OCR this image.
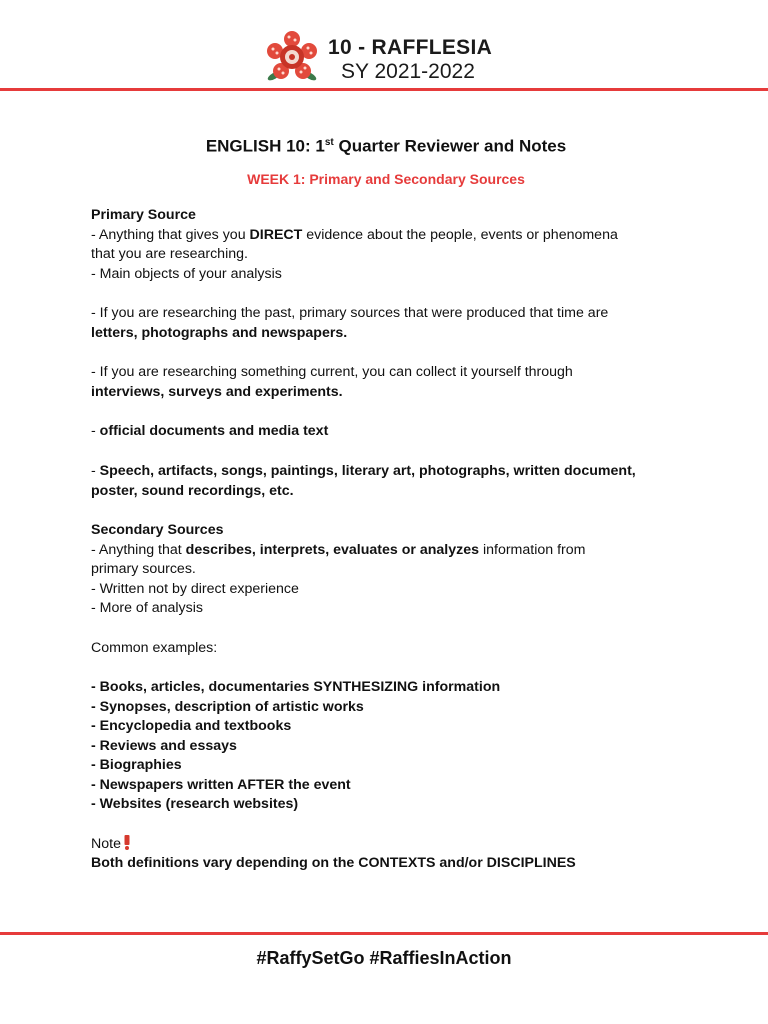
10 - RAFFLESIA
SY 2021-2022
ENGLISH 10: 1st Quarter Reviewer and Notes
WEEK 1: Primary and Secondary Sources
Primary Source
- Anything that gives you DIRECT evidence about the people, events or phenomena
that you are researching.
- Main objects of your analysis
- If you are researching the past, primary sources that were produced that time are
letters, photographs and newspapers.
- If you are researching something current, you can collect it yourself through
interviews, surveys and experiments.
- official documents and media text
- Speech, artifacts, songs, paintings, literary art, photographs, written document,
poster, sound recordings, etc.
Secondary Sources
- Anything that describes, interprets, evaluates or analyzes information from
primary sources.
- Written not by direct experience
- More of analysis
Common examples:
- Books, articles, documentaries SYNTHESIZING information
- Synopses, description of artistic works
- Encyclopedia and textbooks
- Reviews and essays
- Biographies
- Newspapers written AFTER the event
- Websites (research websites)
Note
Both definitions vary depending on the CONTEXTS and/or DISCIPLINES
#RaffySetGo #RaffiesInAction
